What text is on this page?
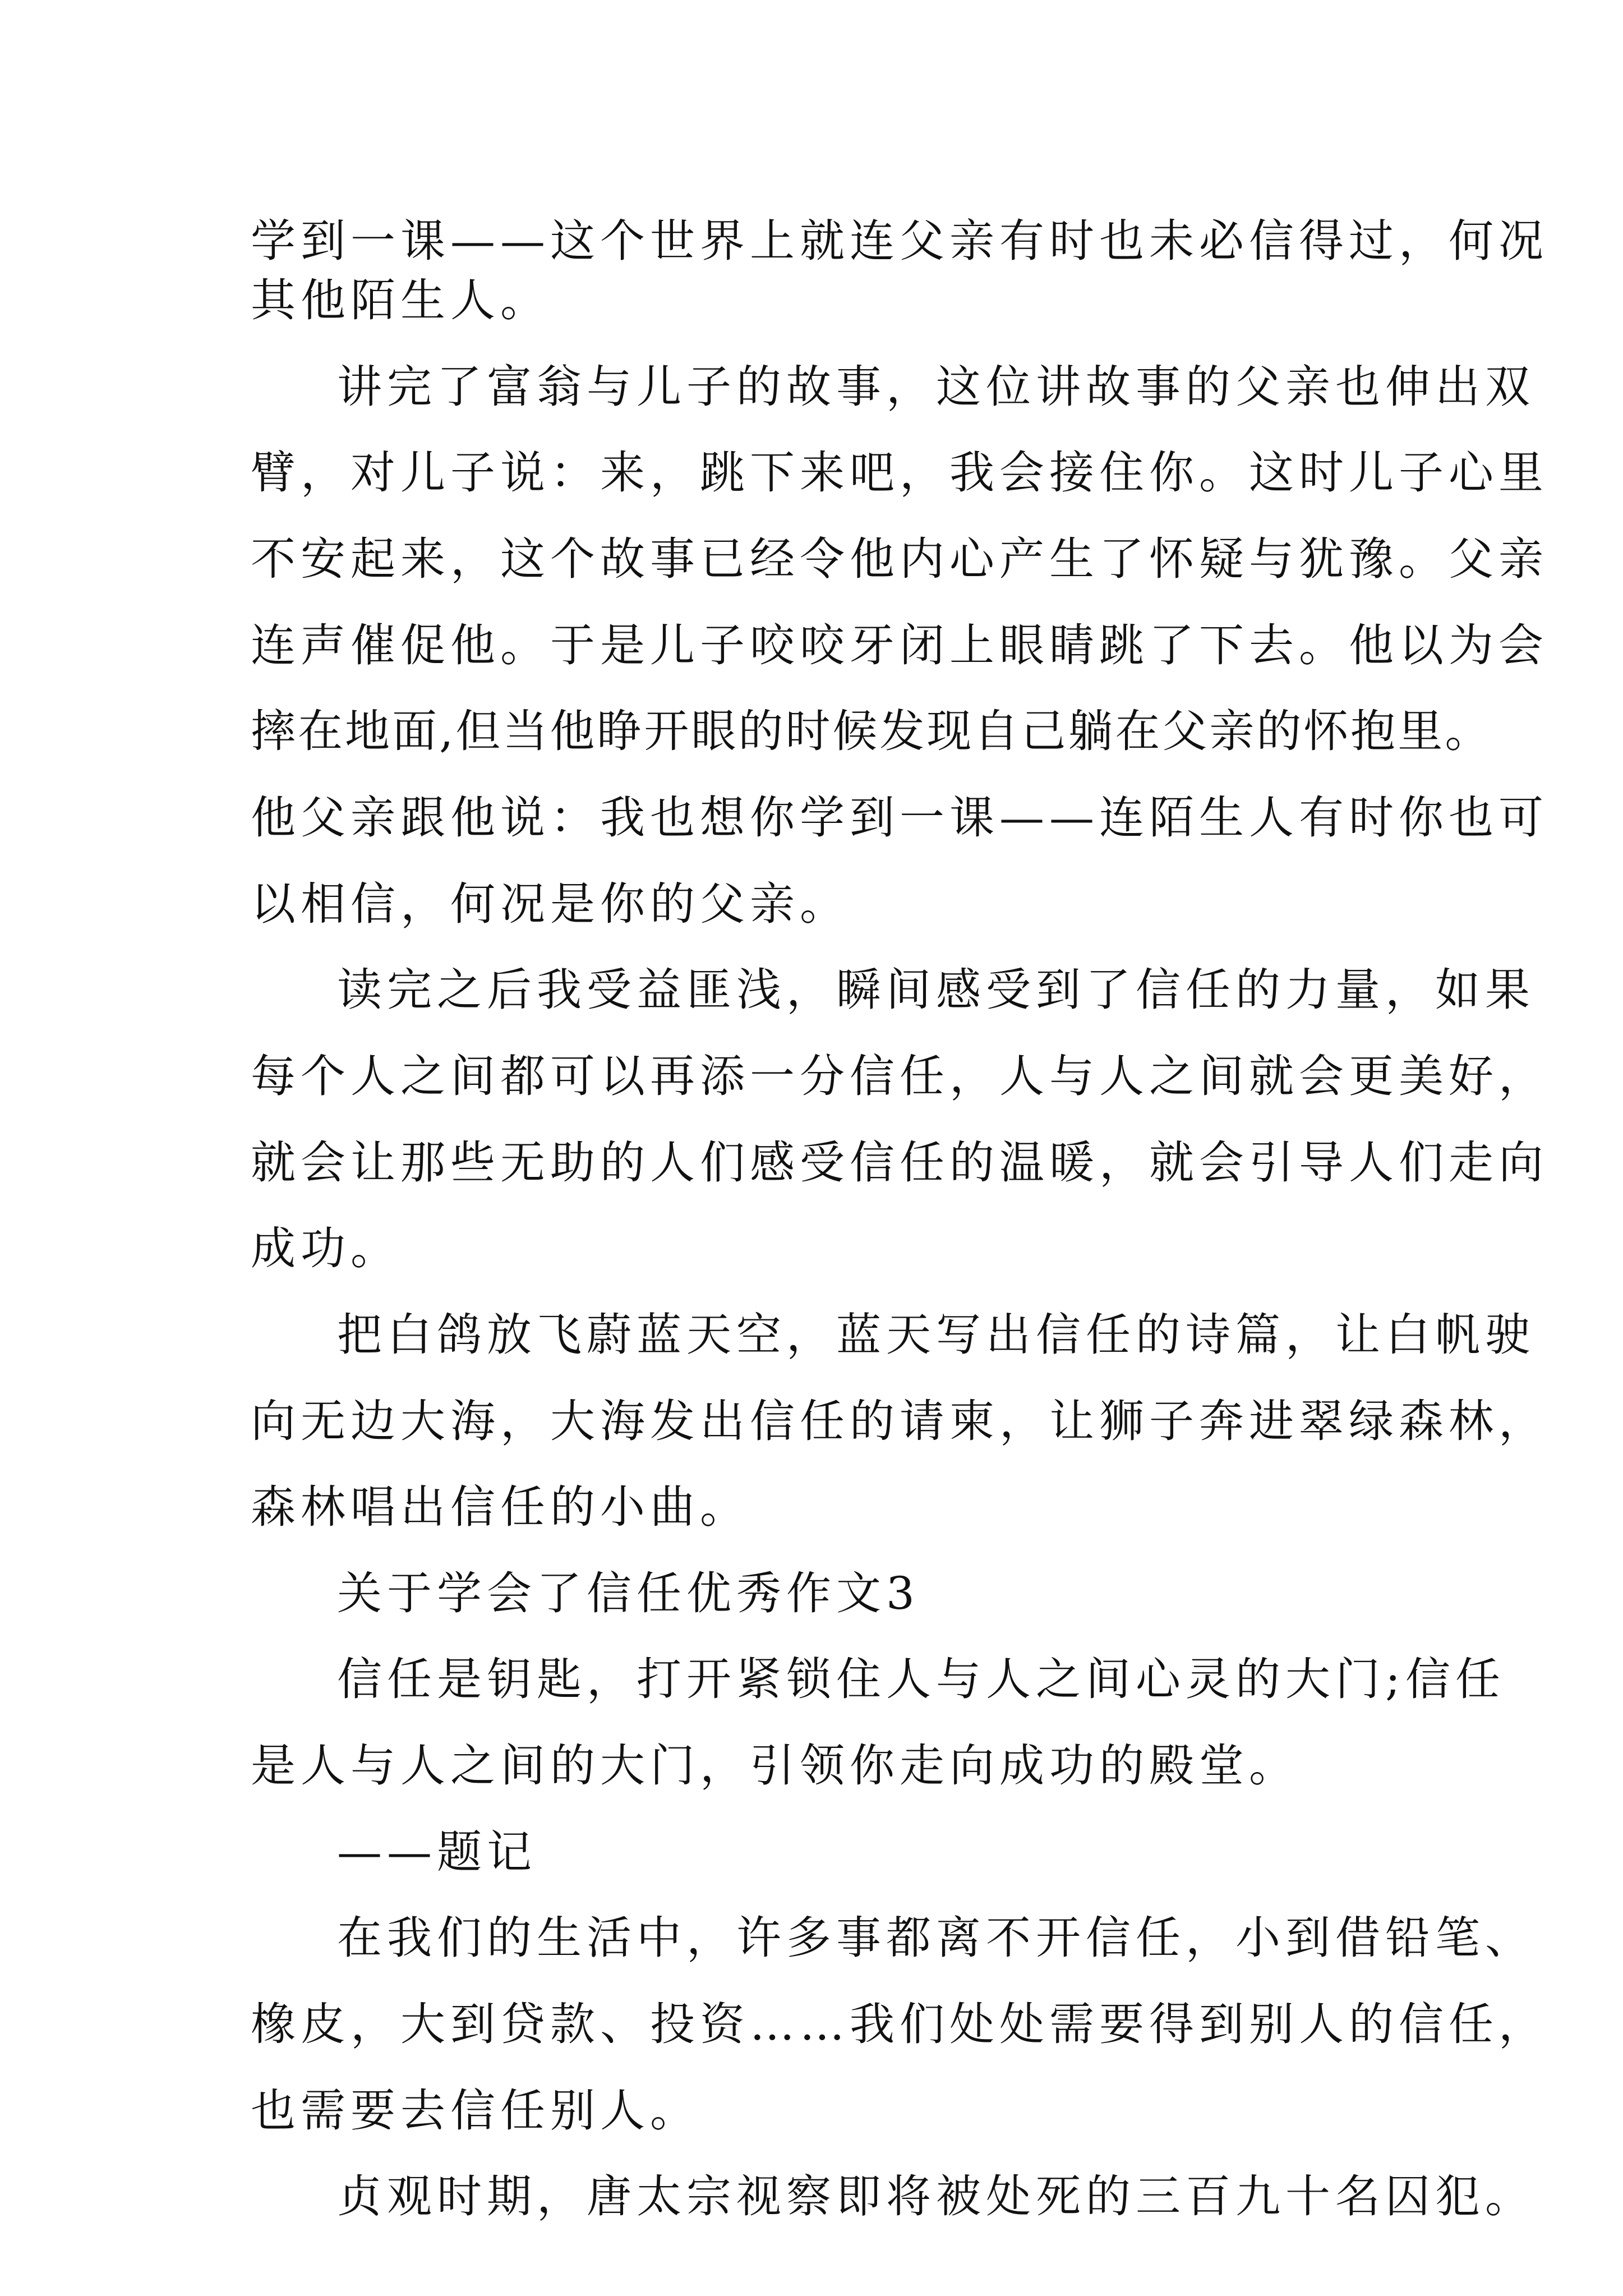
学到一课——这个世界上就连父亲有时也未必信得过，何况
其他陌生人。
讲完了富翁与儿子的故事，这位讲故事的父亲也伸出双
臂，对儿子说：来，跳下来吧，我会接住你。这时儿子心里
不安起来，这个故事已经令他内心产生了怀疑与犹豫。父亲
连声催促他。于是儿子咬咬牙闭上眼睛跳了下去。他以为会
摔在地面,但当他睁开眼的时候发现自己躺在父亲的怀抱里。
他父亲跟他说：我也想你学到一课——连陌生人有时你也可
以相信，何况是你的父亲。
读完之后我受益匪浅，瞬间感受到了信任的力量，如果
每个人之间都可以再添一分信任，人与人之间就会更美好，
就会让那些无助的人们感受信任的温暖，就会引导人们走向
成功。
把白鸽放飞蔚蓝天空，蓝天写出信任的诗篇，让白帆驶
向无边大海，大海发出信任的请柬，让狮子奔进翠绿森林，
森林唱出信任的小曲。
关于学会了信任优秀作文3
信任是钥匙，打开紧锁住人与人之间心灵的大门;信任
是人与人之间的大门，引领你走向成功的殿堂。
——题记
在我们的生活中，许多事都离不开信任，小到借铅笔、
橡皮，大到贷款、投资……我们处处需要得到别人的信任，
也需要去信任别人。
贞观时期，唐太宗视察即将被处死的三百九十名囚犯。
